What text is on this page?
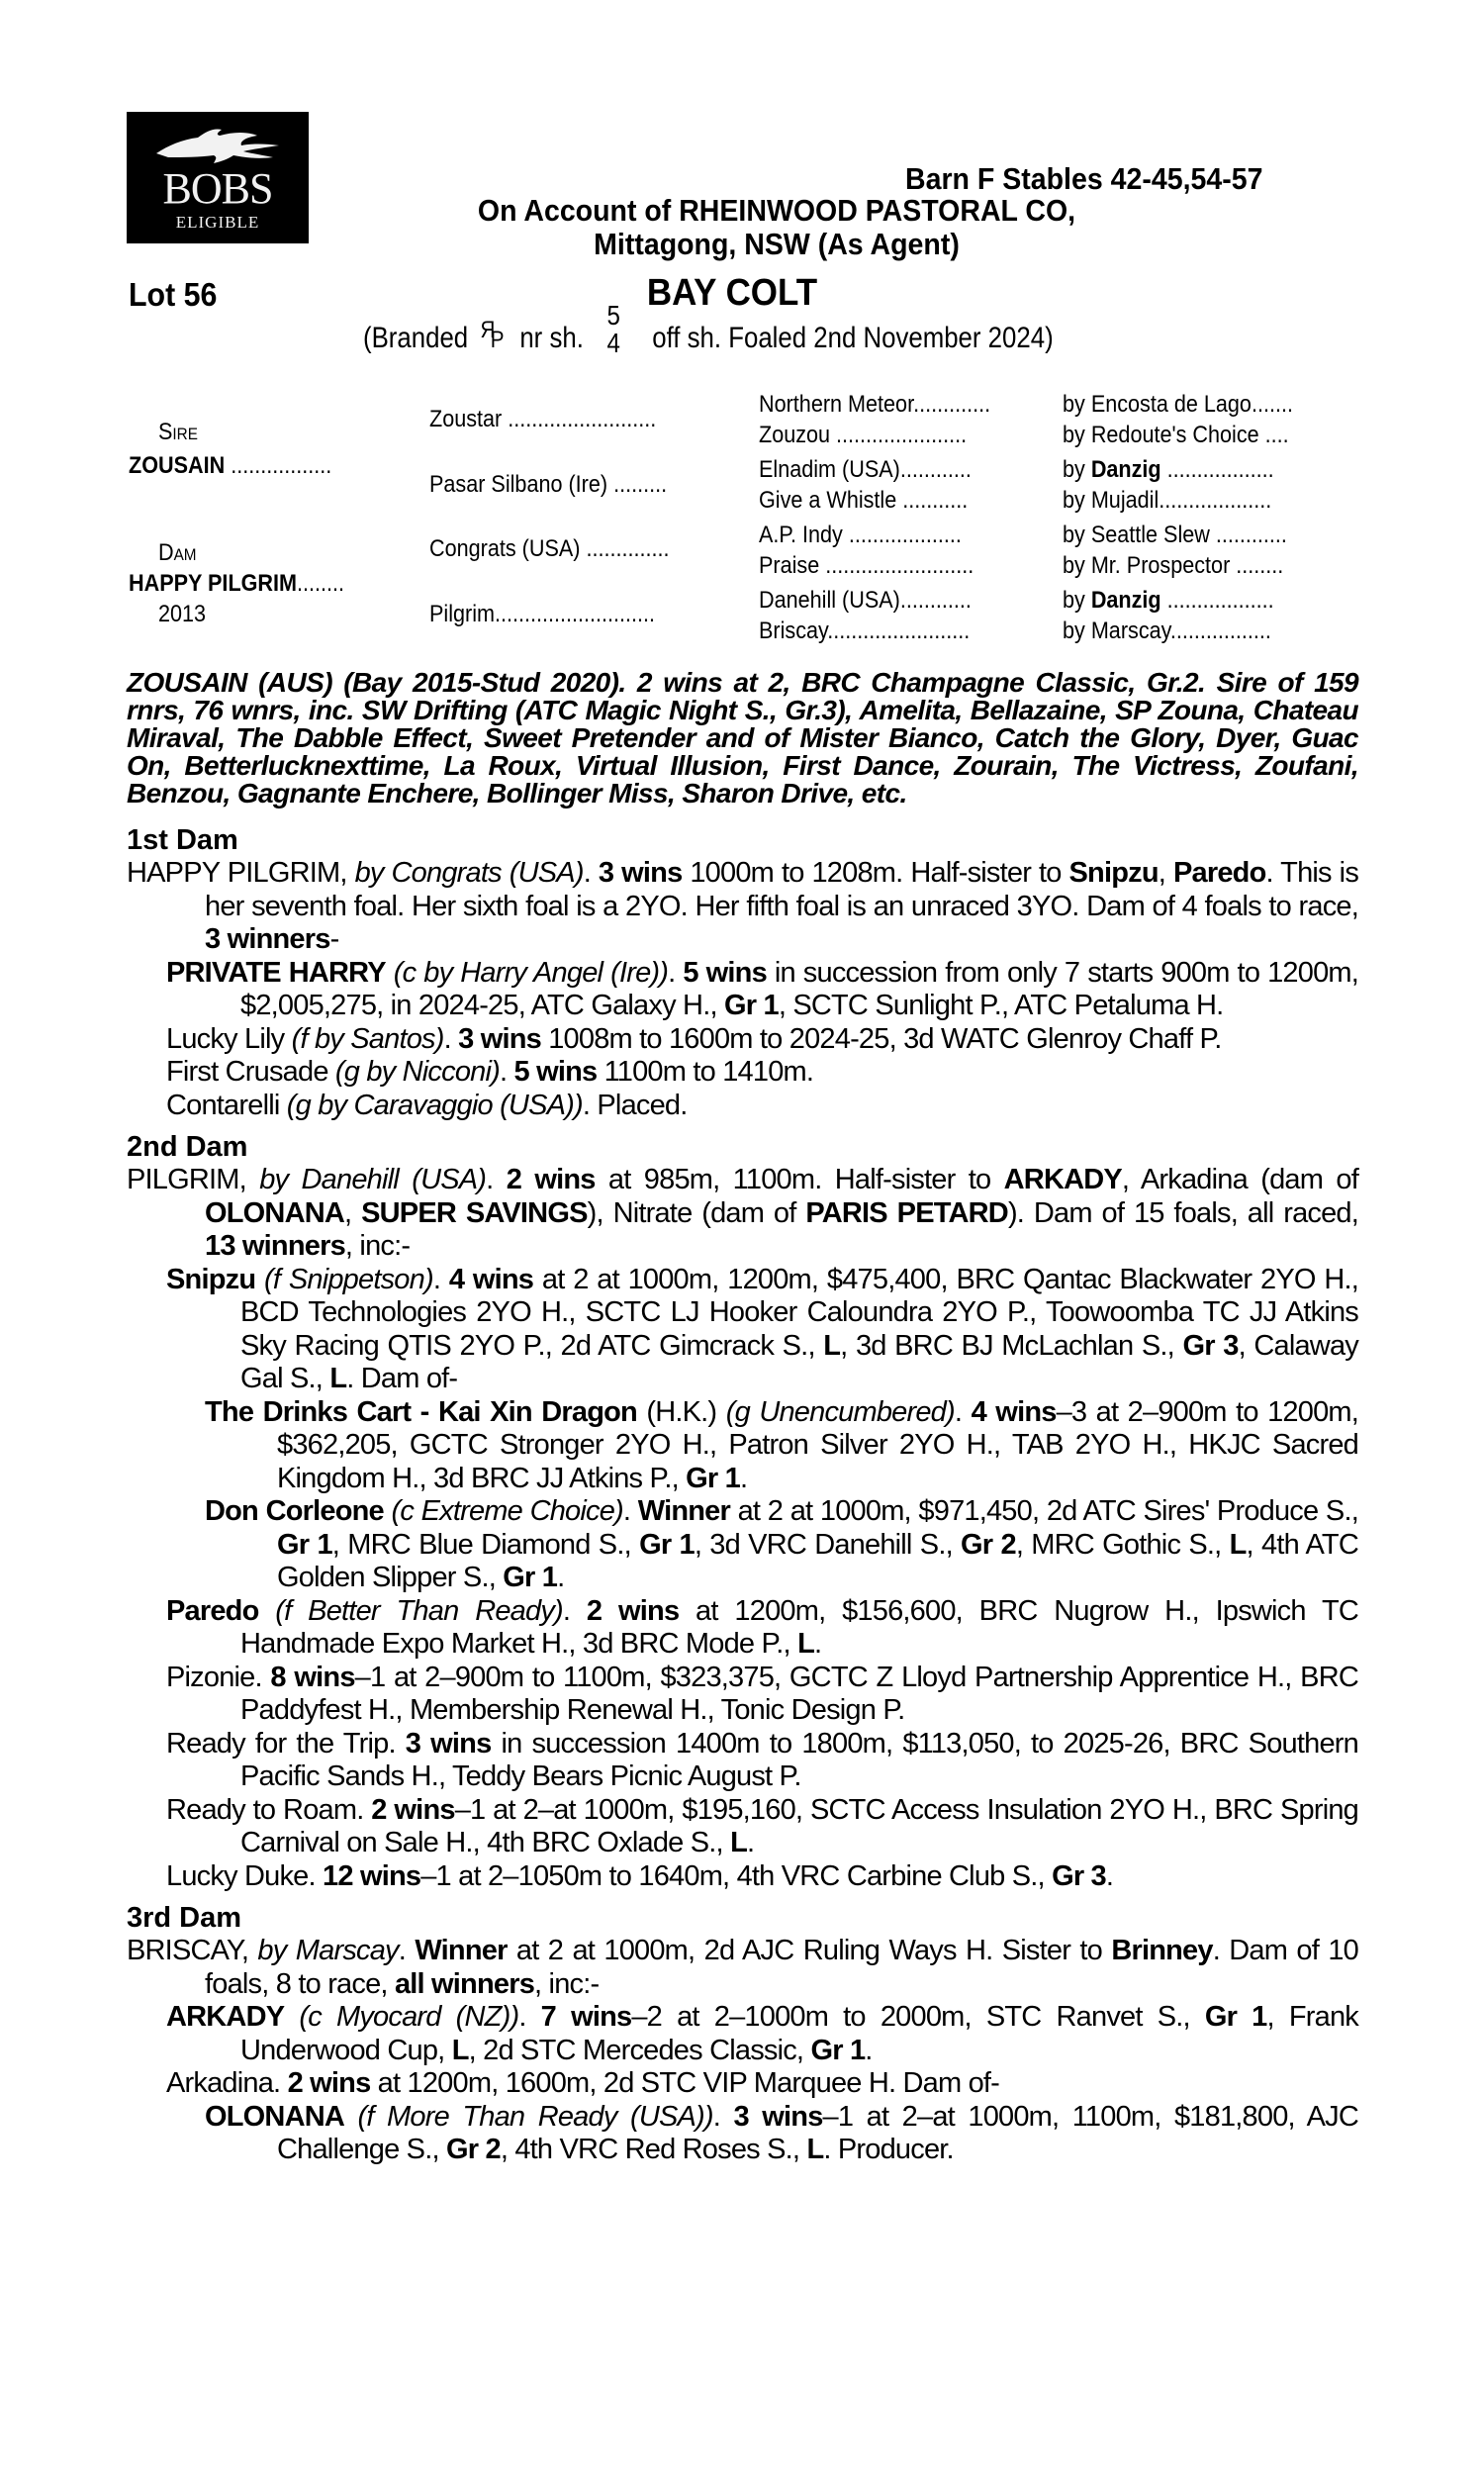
BOBS
ELIGIBLE
Barn F Stables 42-45,54-57
On Account of RHEINWOOD PASTORAL CO,
Mittagong, NSW (As Agent)
Lot 56	BAY COLT
(Branded Я
P nr sh.
5
4 off sh. Foaled 2nd November 2024)
Sire
ZOUSAIN .................
Dam
HAPPY PILGRIM........
2013
Zoustar .........................
Pasar Silbano (Ire) .........
Congrats (USA) ..............
Pilgrim...........................
Northern Meteor.............
Zouzou ......................
Elnadim (USA)............
Give a Whistle ...........
A.P. Indy ...................
Praise .........................
Danehill (USA)............
Briscay........................
by Encosta de Lago.......
by Redoute's Choice ....
by Danzig ..................
by Mujadil...................
by Seattle Slew ............
by Mr. Prospector ........
by Danzig ..................
by Marscay.................

ZOUSAIN (AUS) (Bay 2015-Stud 2020). 2 wins at 2, BRC Champagne Classic, Gr.2. Sire of 159 rnrs, 76 wnrs, inc. SW Drifting (ATC Magic Night S., Gr.3), Amelita, Bellazaine, SP Zouna, Chateau Miraval, The Dabble Effect, Sweet Pretender and of Mister Bianco, Catch the Glory, Dyer, Guac On, Betterlucknexttime, La Roux, Virtual Illusion, First Dance, Zourain, The Victress, Zoufani, Benzou, Gagnante Enchere, Bollinger Miss, Sharon Drive, etc.

1st Dam

HAPPY PILGRIM, by Congrats (USA). 3 wins 1000m to 1208m. Half-sister to Snipzu, Paredo. This is her seventh foal. Her sixth foal is a 2YO. Her fifth foal is an unraced 3YO. Dam of 4 foals to race, 3 winners-

PRIVATE HARRY (c by Harry Angel (Ire)). 5 wins in succession from only 7 starts 900m to 1200m, $2,005,275, in 2024-25, ATC Galaxy H., Gr 1, SCTC Sunlight P., ATC Petaluma H.

Lucky Lily (f by Santos). 3 wins 1008m to 1600m to 2024-25, 3d WATC Glenroy Chaff P.

First Crusade (g by Nicconi). 5 wins 1100m to 1410m.

Contarelli (g by Caravaggio (USA)). Placed.

2nd Dam

PILGRIM, by Danehill (USA). 2 wins at 985m, 1100m. Half-sister to ARKADY, Arkadina (dam of OLONANA, SUPER SAVINGS), Nitrate (dam of PARIS PETARD). Dam of 15 foals, all raced, 13 winners, inc:-

Snipzu (f Snippetson). 4 wins at 2 at 1000m, 1200m, $475,400, BRC Qantac Blackwater 2YO H., BCD Technologies 2YO H., SCTC LJ Hooker Caloundra 2YO P., Toowoomba TC JJ Atkins Sky Racing QTIS 2YO P., 2d ATC Gimcrack S., L, 3d BRC BJ McLachlan S., Gr 3, Calaway Gal S., L. Dam of-

The Drinks Cart - Kai Xin Dragon (H.K.) (g Unencumbered). 4 wins–3 at 2–900m to 1200m, $362,205, GCTC Stronger 2YO H., Patron Silver 2YO H., TAB 2YO H., HKJC Sacred Kingdom H., 3d BRC JJ Atkins P., Gr 1.

Don Corleone (c Extreme Choice). Winner at 2 at 1000m, $971,450, 2d ATC Sires' Produce S., Gr 1, MRC Blue Diamond S., Gr 1, 3d VRC Danehill S., Gr 2, MRC Gothic S., L, 4th ATC Golden Slipper S., Gr 1.

Paredo (f Better Than Ready). 2 wins at 1200m, $156,600, BRC Nugrow H., Ipswich TC Handmade Expo Market H., 3d BRC Mode P., L.

Pizonie. 8 wins–1 at 2–900m to 1100m, $323,375, GCTC Z Lloyd Partnership Apprentice H., BRC Paddyfest H., Membership Renewal H., Tonic Design P.

Ready for the Trip. 3 wins in succession 1400m to 1800m, $113,050, to 2025-26, BRC Southern Pacific Sands H., Teddy Bears Picnic August P.

Ready to Roam. 2 wins–1 at 2–at 1000m, $195,160, SCTC Access Insulation 2YO H., BRC Spring Carnival on Sale H., 4th BRC Oxlade S., L.

Lucky Duke. 12 wins–1 at 2–1050m to 1640m, 4th VRC Carbine Club S., Gr 3.

3rd Dam

BRISCAY, by Marscay. Winner at 2 at 1000m, 2d AJC Ruling Ways H. Sister to Brinney. Dam of 10 foals, 8 to race, all winners, inc:-

ARKADY (c Myocard (NZ)). 7 wins–2 at 2–1000m to 2000m, STC Ranvet S., Gr 1, Frank Underwood Cup, L, 2d STC Mercedes Classic, Gr 1.

Arkadina. 2 wins at 1200m, 1600m, 2d STC VIP Marquee H. Dam of-

OLONANA (f More Than Ready (USA)). 3 wins–1 at 2–at 1000m, 1100m, $181,800, AJC Challenge S., Gr 2, 4th VRC Red Roses S., L. Producer.
